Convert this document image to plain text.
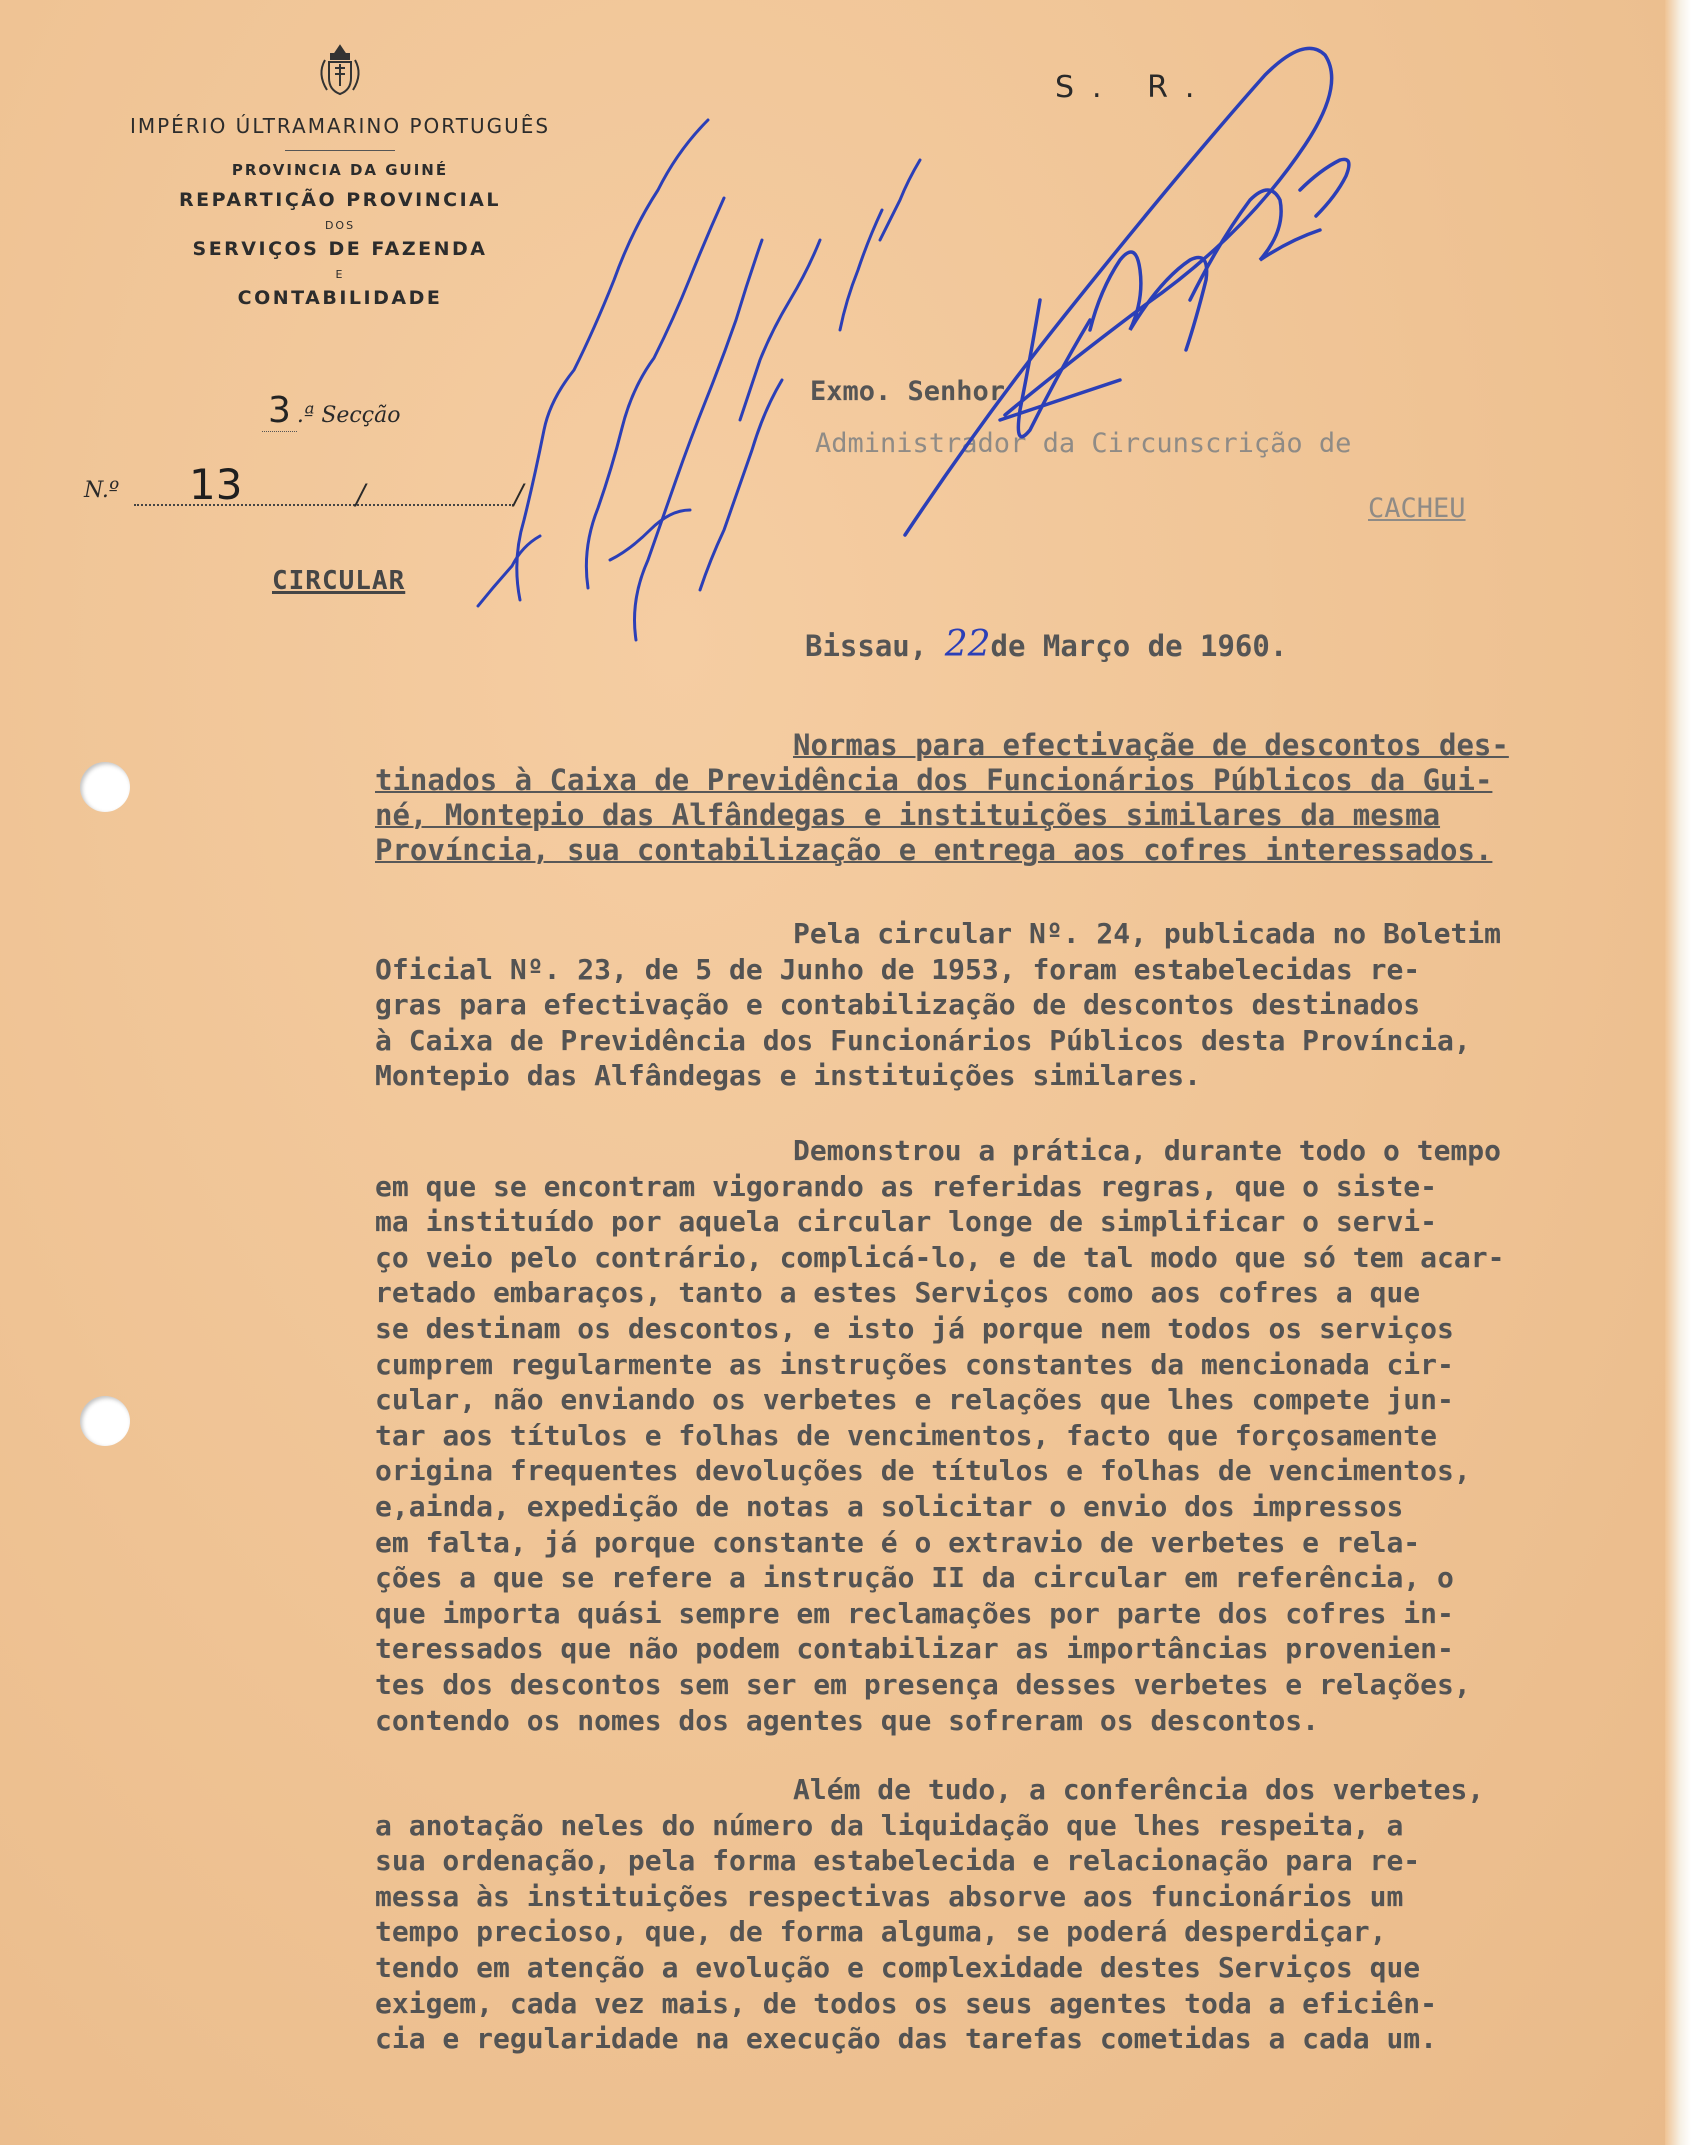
IMPÉRIO ÚLTRAMARINO PORTUGUÊS
PROVINCIA DA GUINÉ
REPARTIÇÃO PROVINCIAL
DOS
SERVIÇOS DE FAZENDA
E
CONTABILIDADE
3 .ª Secção
N.º 13	/	/
CIRCULAR
S. R.
Exmo. Senhor
Administrador da Circunscrição de
CACHEU
Bissau, 22de Março de 1960.
Normas para efectivaçãe de descontos des-
tinados à Caixa de Previdência dos Funcionários Públicos da Gui-
né, Montepio das Alfândegas e instituições similares da mesma
Província, sua contabilização e entrega aos cofres interessados.
Pela circular Nº. 24, publicada no Boletim
Oficial Nº. 23, de 5 de Junho de 1953, foram estabelecidas re-
gras para efectivação e contabilização de descontos destinados
à Caixa de Previdência dos Funcionários Públicos desta Província,
Montepio das Alfândegas e instituições similares.
Demonstrou a prática, durante todo o tempo
em que se encontram vigorando as referidas regras, que o siste-
ma instituído por aquela circular longe de simplificar o servi-
ço veio pelo contrário, complicá-lo, e de tal modo que só tem acar-
retado embaraços, tanto a estes Serviços como aos cofres a que
se destinam os descontos, e isto já porque nem todos os serviços
cumprem regularmente as instruções constantes da mencionada cir-
cular, não enviando os verbetes e relações que lhes compete jun-
tar aos títulos e folhas de vencimentos, facto que forçosamente
origina frequentes devoluções de títulos e folhas de vencimentos,
e,ainda, expedição de notas a solicitar o envio dos impressos
em falta, já porque constante é o extravio de verbetes e rela-
ções a que se refere a instrução II da circular em referência, o
que importa quási sempre em reclamações por parte dos cofres in-
teressados que não podem contabilizar as importâncias provenien-
tes dos descontos sem ser em presença desses verbetes e relações,
contendo os nomes dos agentes que sofreram os descontos.
Além de tudo, a conferência dos verbetes,
a anotação neles do número da liquidação que lhes respeita, a
sua ordenação, pela forma estabelecida e relacionação para re-
messa às instituições respectivas absorve aos funcionários um
tempo precioso, que, de forma alguma, se poderá desperdiçar,
tendo em atenção a evolução e complexidade destes Serviços que
exigem, cada vez mais, de todos os seus agentes toda a eficiên-
cia e regularidade na execução das tarefas cometidas a cada um.
